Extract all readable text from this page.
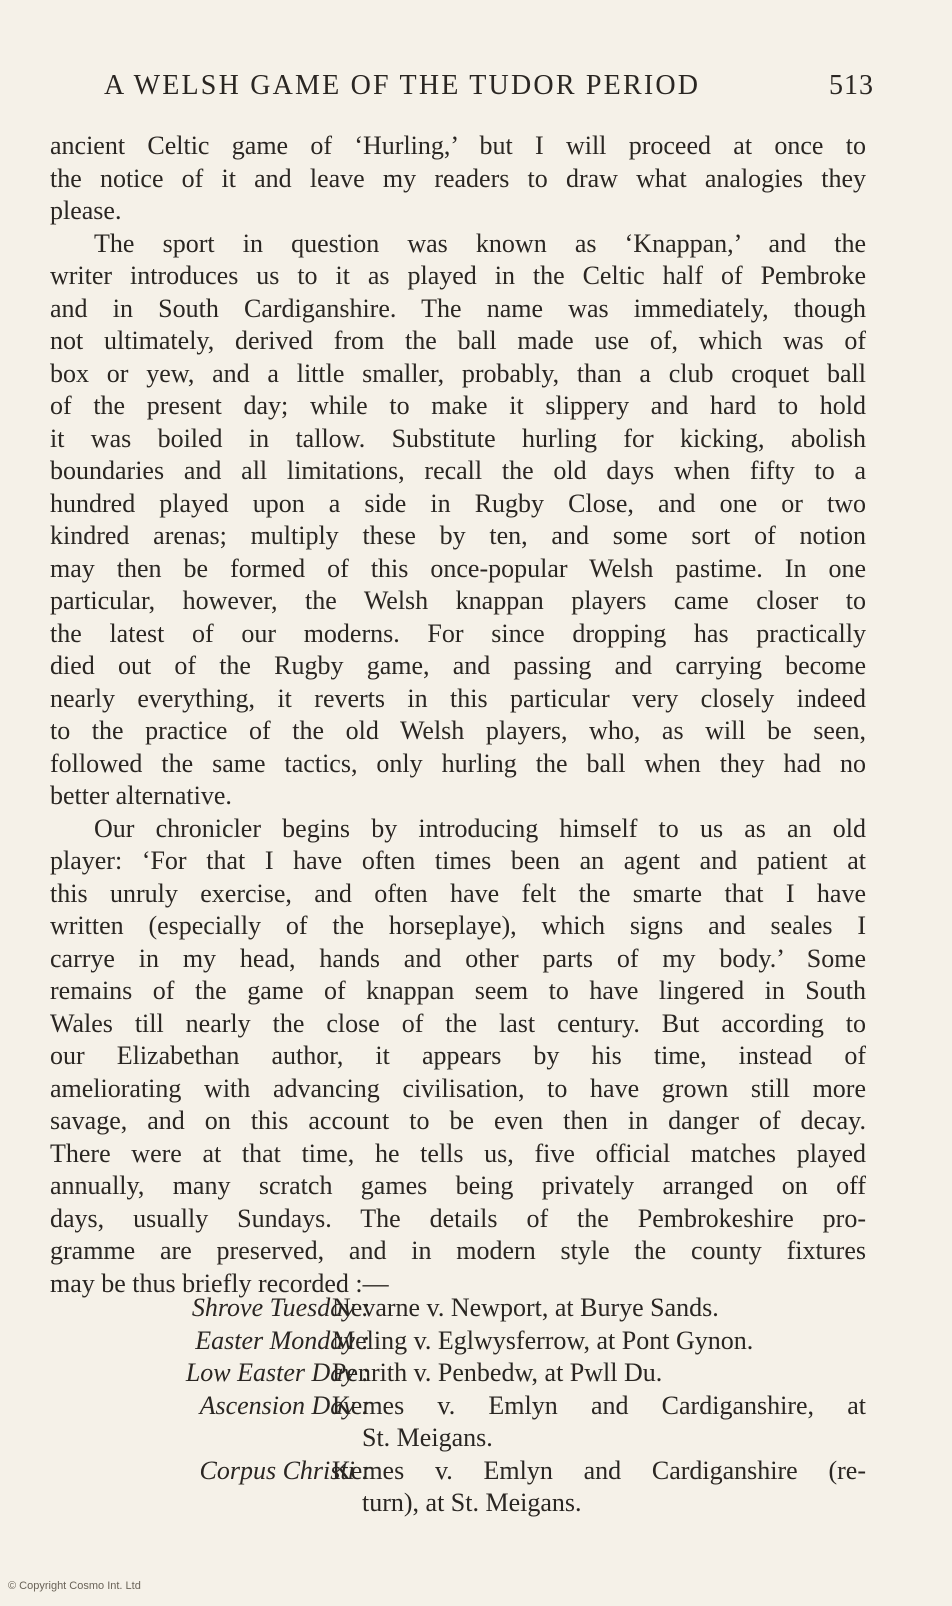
A WELSH GAME OF THE TUDOR PERIOD	513
ancient Celtic game of ‘Hurling,’ but I will proceed at once to
the notice of it and leave my readers to draw what analogies they
please.
The sport in question was known as ‘Knappan,’ and the
writer introduces us to it as played in the Celtic half of Pembroke
and in South Cardiganshire. The name was immediately, though
not ultimately, derived from the ball made use of, which was of
box or yew, and a little smaller, probably, than a club croquet ball
of the present day; while to make it slippery and hard to hold
it was boiled in tallow. Substitute hurling for kicking, abolish
boundaries and all limitations, recall the old days when fifty to a
hundred played upon a side in Rugby Close, and one or two
kindred arenas; multiply these by ten, and some sort of notion
may then be formed of this once-popular Welsh pastime. In one
particular, however, the Welsh knappan players came closer to
the latest of our moderns. For since dropping has practically
died out of the Rugby game, and passing and carrying become
nearly everything, it reverts in this particular very closely indeed
to the practice of the old Welsh players, who, as will be seen,
followed the same tactics, only hurling the ball when they had no
better alternative.
Our chronicler begins by introducing himself to us as an old
player: ‘For that I have often times been an agent and patient at
this unruly exercise, and often have felt the smarte that I have
written (especially of the horseplaye), which signs and seales I
carrye in my head, hands and other parts of my body.’ Some
remains of the game of knappan seem to have lingered in South
Wales till nearly the close of the last century. But according to
our Elizabethan author, it appears by his time, instead of
ameliorating with advancing civilisation, to have grown still more
savage, and on this account to be even then in danger of decay.
There were at that time, he tells us, five official matches played
annually, many scratch games being privately arranged on off
days, usually Sundays. The details of the Pembrokeshire pro-
gramme are preserved, and in modern style the county fixtures
may be thus briefly recorded :—
Shrove Tuesday :
Nevarne v. Newport, at Burye Sands.
Easter Monday :
Meling v. Eglwysferrow, at Pont Gynon.
Low Easter Day :
Penrith v. Penbedw, at Pwll Du.
Ascension Day :
Kemes v. Emlyn and Cardiganshire, at
St. Meigans.
Corpus Christi :
Kemes v. Emlyn and Cardiganshire (re-
turn), at St. Meigans.
© Copyright Cosmo Int. Ltd
